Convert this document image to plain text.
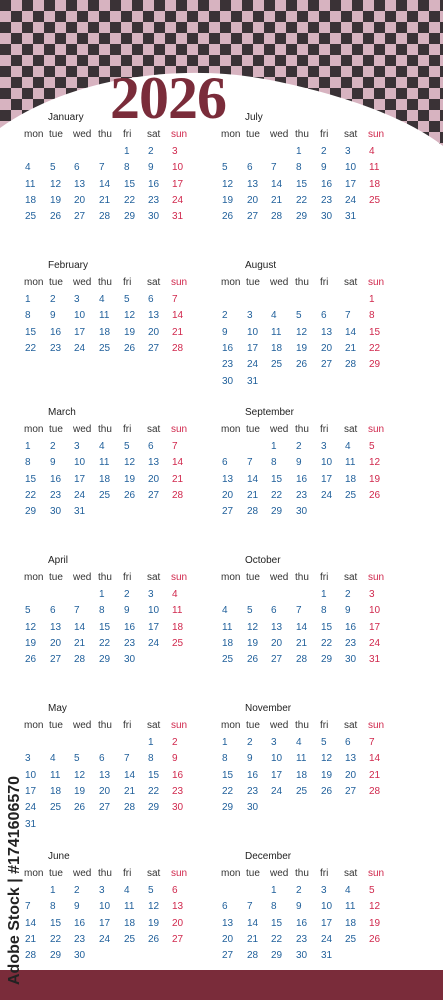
2026
January
mon tue wed thu fri sat sun
1 2 3
4 5 6 7 8 9 10
11 12 13 14 15 16 17
18 19 20 21 22 23 24
25 26 27 28 29 30 31
February
mon tue wed thu fri sat sun
1 2 3 4 5 6 7
8 9 10 11 12 13 14
15 16 17 18 19 20 21
22 23 24 25 26 27 28
March
mon tue wed thu fri sat sun
1 2 3 4 5 6 7
8 9 10 11 12 13 14
15 16 17 18 19 20 21
22 23 24 25 26 27 28
29 30 31
April
mon tue wed thu fri sat sun
1 2 3 4
5 6 7 8 9 10 11
12 13 14 15 16 17 18
19 20 21 22 23 24 25
26 27 28 29 30
May
mon tue wed thu fri sat sun
1 2
3 4 5 6 7 8 9
10 11 12 13 14 15 16
17 18 19 20 21 22 23
24 25 26 27 28 29 30
31
June
mon tue wed thu fri sat sun
1 2 3 4 5 6
7 8 9 10 11 12 13
14 15 16 17 18 19 20
21 22 23 24 25 26 27
28 29 30
July
mon tue wed thu fri sat sun
1 2 3 4
5 6 7 8 9 10 11
12 13 14 15 16 17 18
19 20 21 22 23 24 25
26 27 28 29 30 31
August
mon tue wed thu fri sat sun
1
2 3 4 5 6 7 8
9 10 11 12 13 14 15
16 17 18 19 20 21 22
23 24 25 26 27 28 29
30 31
September
mon tue wed thu fri sat sun
1 2 3 4 5
6 7 8 9 10 11 12
13 14 15 16 17 18 19
20 21 22 23 24 25 26
27 28 29 30
October
mon tue wed thu fri sat sun
1 2 3
4 5 6 7 8 9 10
11 12 13 14 15 16 17
18 19 20 21 22 23 24
25 26 27 28 29 30 31
November
mon tue wed thu fri sat sun
1 2 3 4 5 6 7
8 9 10 11 12 13 14
15 16 17 18 19 20 21
22 23 24 25 26 27 28
29 30
December
mon tue wed thu fri sat sun
1 2 3 4 5
6 7 8 9 10 11 12
13 14 15 16 17 18 19
20 21 22 23 24 25 26
27 28 29 30 31
Adobe Stock | #1741606570
